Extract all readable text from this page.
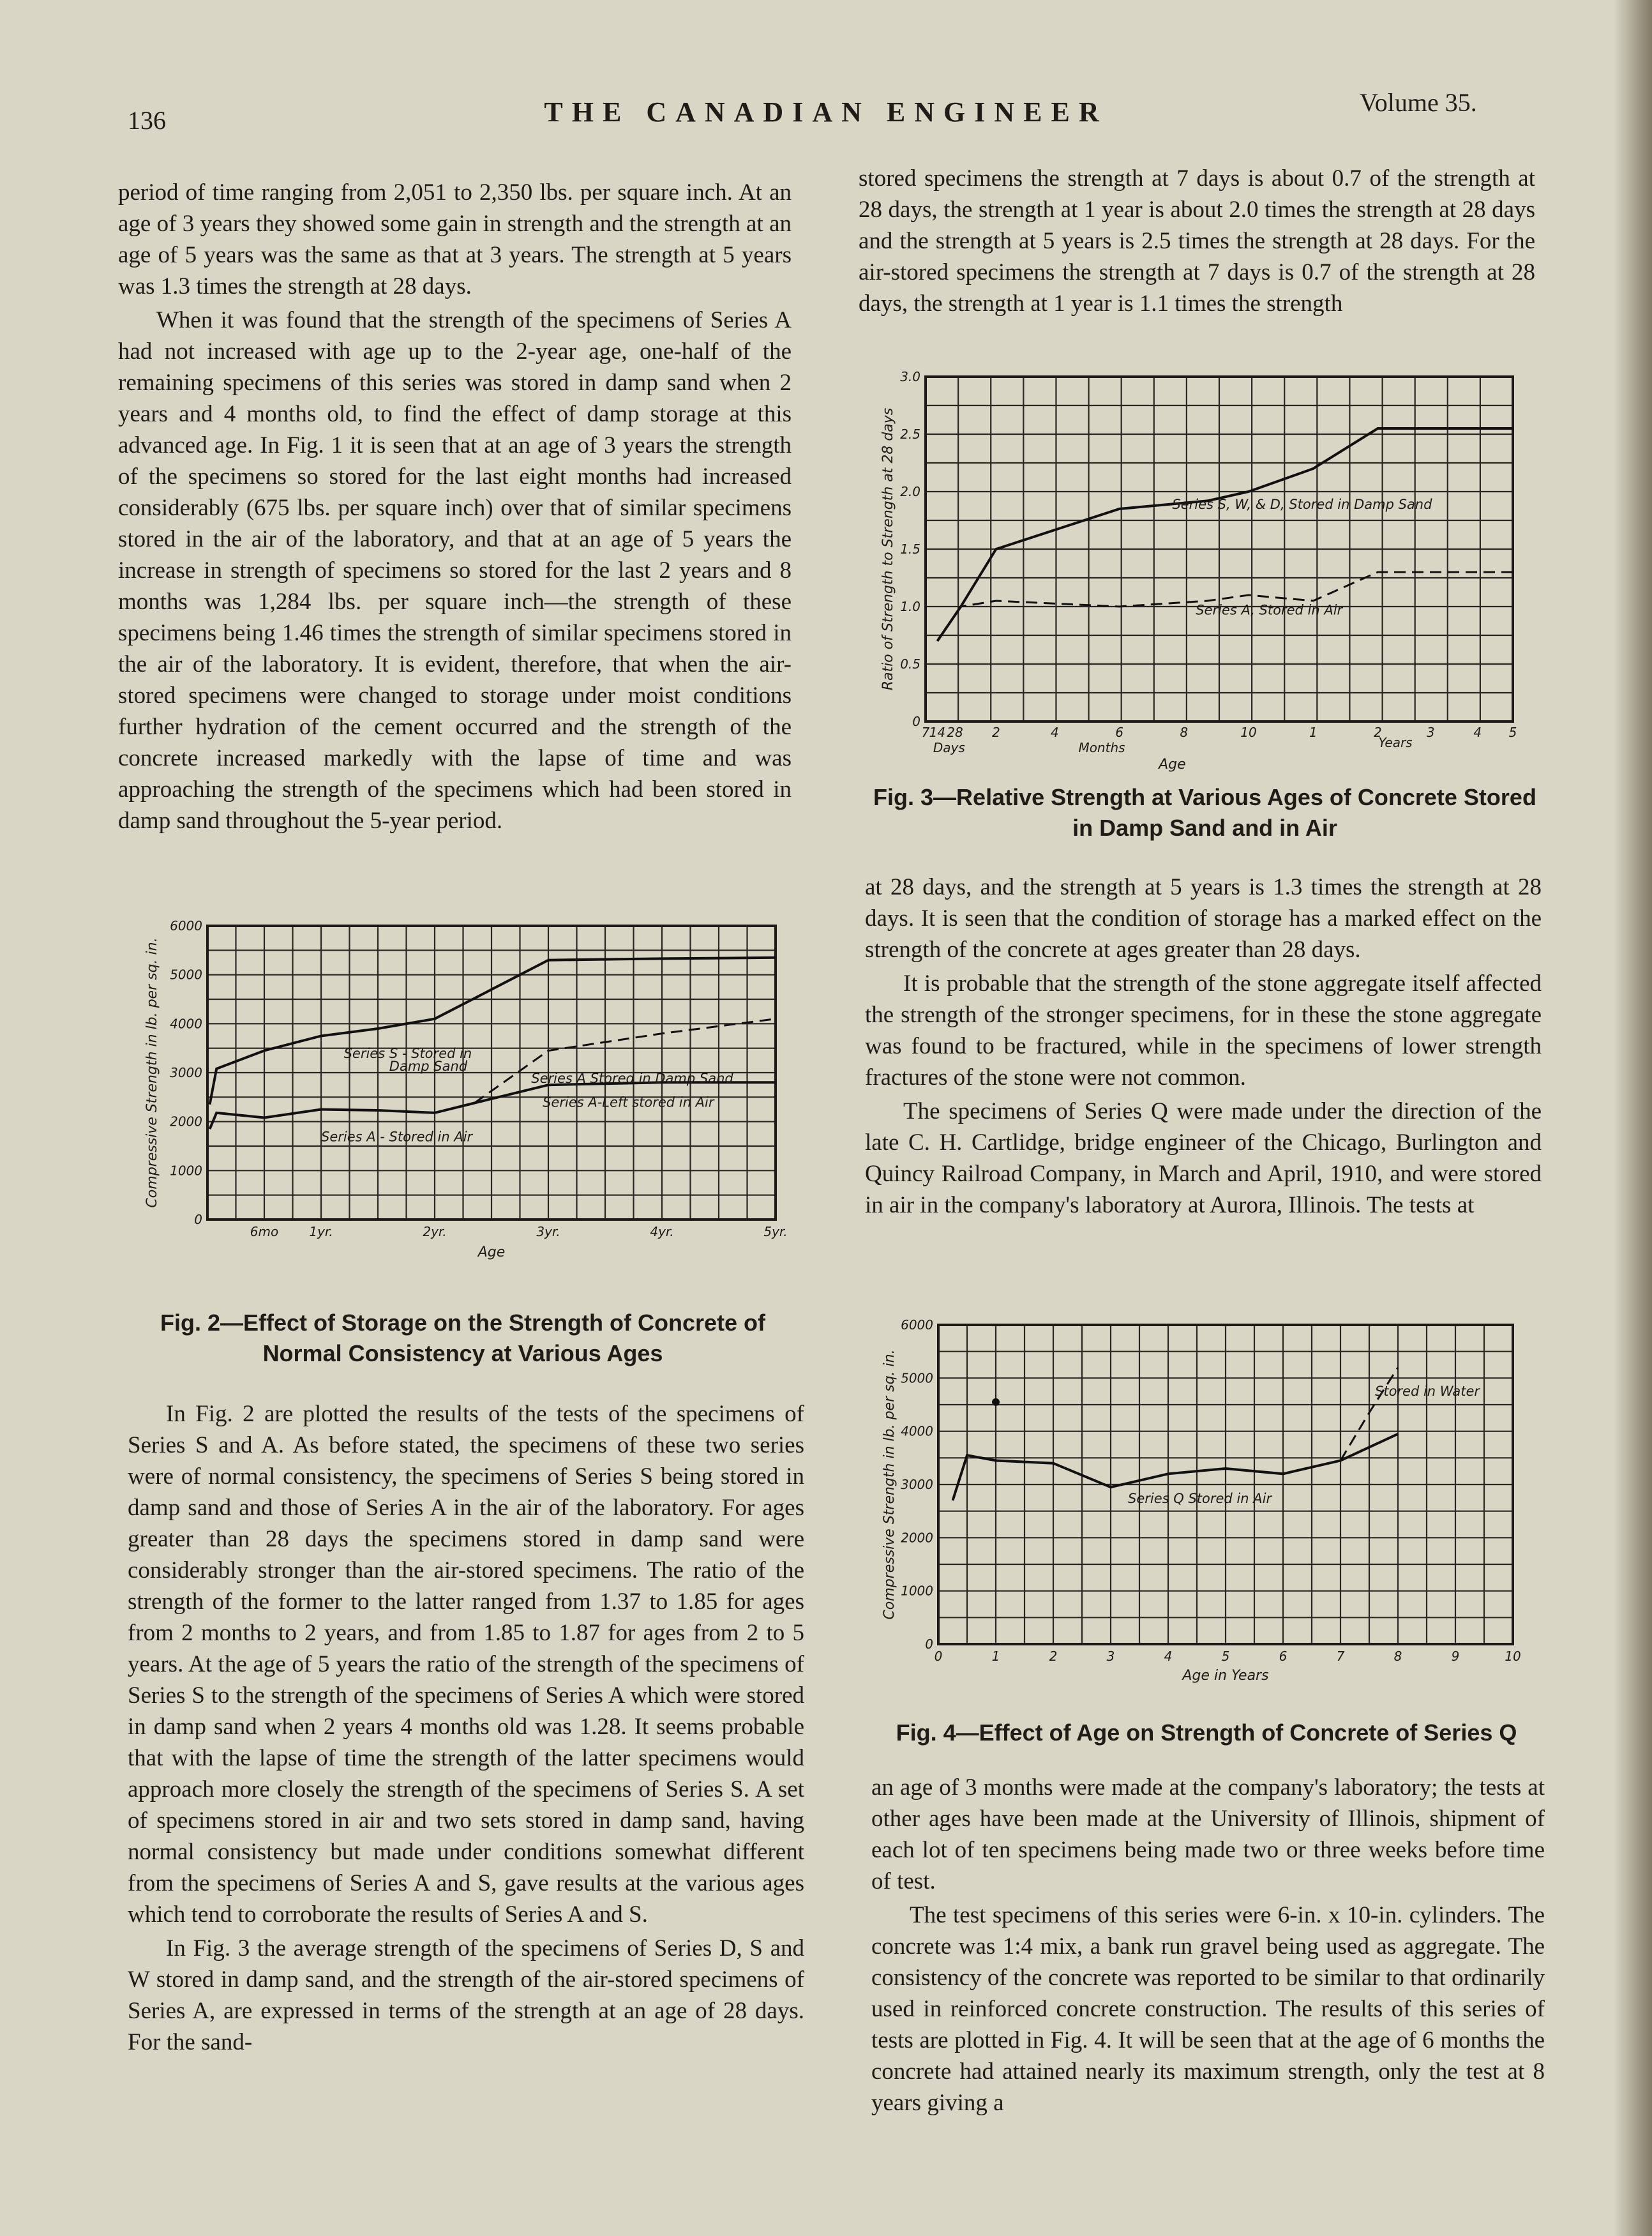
136	THE CANADIAN ENGINEER	Volume 35.

period of time ranging from 2,051 to 2,350 lbs. per square inch. At an age of 3 years they showed some gain in strength and the strength at an age of 5 years was the same as that at 3 years. The strength at 5 years was 1.3 times the strength at 28 days.

When it was found that the strength of the specimens of Series A had not increased with age up to the 2-year age, one-half of the remaining specimens of this series was stored in damp sand when 2 years and 4 months old, to find the effect of damp storage at this advanced age. In Fig. 1 it is seen that at an age of 3 years the strength of the specimens so stored for the last eight months had increased considerably (675 lbs. per square inch) over that of similar specimens stored in the air of the laboratory, and that at an age of 5 years the increase in strength of specimens so stored for the last 2 years and 8 months was 1,284 lbs. per square inch—the strength of these specimens being 1.46 times the strength of similar specimens stored in the air of the laboratory. It is evident, therefore, that when the air-stored specimens were changed to storage under moist conditions further hydration of the cement occurred and the strength of the concrete increased markedly with the lapse of time and was approaching the strength of the specimens which had been stored in damp sand throughout the 5-year period.

0
1000
2000
3000
4000
5000
6000
6mo 1yr.	2yr.	3yr.	4yr.	5yr.
Age
Compressive Strength in lb. per sq. in.	Series S - Stored in
Damp Sand
Series A Stored in Damp Sand
Series A-Left stored in Air
Series A - Stored in Air
Fig. 2—Effect of Storage on the Strength of Concrete of Normal Consistency at Various Ages

In Fig. 2 are plotted the results of the tests of the specimens of Series S and A. As before stated, the specimens of these two series were of normal consistency, the specimens of Series S being stored in damp sand and those of Series A in the air of the laboratory. For ages greater than 28 days the specimens stored in damp sand were considerably stronger than the air-stored specimens. The ratio of the strength of the former to the latter ranged from 1.37 to 1.85 for ages from 2 months to 2 years, and from 1.85 to 1.87 for ages from 2 to 5 years. At the age of 5 years the ratio of the strength of the specimens of Series S to the strength of the specimens of Series A which were stored in damp sand when 2 years 4 months old was 1.28. It seems probable that with the lapse of time the strength of the latter specimens would approach more closely the strength of the specimens of Series S. A set of specimens stored in air and two sets stored in damp sand, having normal consistency but made under conditions somewhat different from the specimens of Series A and S, gave results at the various ages which tend to corroborate the results of Series A and S.

In Fig. 3 the average strength of the specimens of Series D, S and W stored in damp sand, and the strength of the air-stored specimens of Series A, are expressed in terms of the strength at an age of 28 days. For the sand-

stored specimens the strength at 7 days is about 0.7 of the strength at 28 days, the strength at 1 year is about 2.0 times the strength at 28 days and the strength at 5 years is 2.5 times the strength at 28 days. For the air-stored specimens the strength at 7 days is 0.7 of the strength at 28 days, the strength at 1 year is 1.1 times the strength

0
0.5
1.0
1.5
2.0
2.5
3.0
7 14 28 2	4	6	8	10	1	2	3	4 5
Days	Months	Years
Age
Ratio of Strength to Strength at 28 days	Series S, W, & D, Stored in Damp Sand
Series A, Stored in Air
Fig. 3—Relative Strength at Various Ages of Concrete Stored in Damp Sand and in Air

at 28 days, and the strength at 5 years is 1.3 times the strength at 28 days. It is seen that the condition of storage has a marked effect on the strength of the concrete at ages greater than 28 days.

It is probable that the strength of the stone aggregate itself affected the strength of the stronger specimens, for in these the stone aggregate was found to be fractured, while in the specimens of lower strength fractures of the stone were not common.

The specimens of Series Q were made under the direction of the late C. H. Cartlidge, bridge engineer of the Chicago, Burlington and Quincy Railroad Company, in March and April, 1910, and were stored in air in the company's laboratory at Aurora, Illinois. The tests at

0
1000
2000
3000
4000
5000
6000
0	1	2	3	4	5	6	7	8	9	10
Age in Years
Compressive Strength in lb. per sq. in.	Stored in Water
Series Q Stored in Air
Fig. 4—Effect of Age on Strength of Concrete of Series Q

an age of 3 months were made at the company's laboratory; the tests at other ages have been made at the University of Illinois, shipment of each lot of ten specimens being made two or three weeks before time of test.

The test specimens of this series were 6-in. x 10-in. cylinders. The concrete was 1:4 mix, a bank run gravel being used as aggregate. The consistency of the concrete was reported to be similar to that ordinarily used in reinforced concrete construction. The results of this series of tests are plotted in Fig. 4. It will be seen that at the age of 6 months the concrete had attained nearly its maximum strength, only the test at 8 years giving a
